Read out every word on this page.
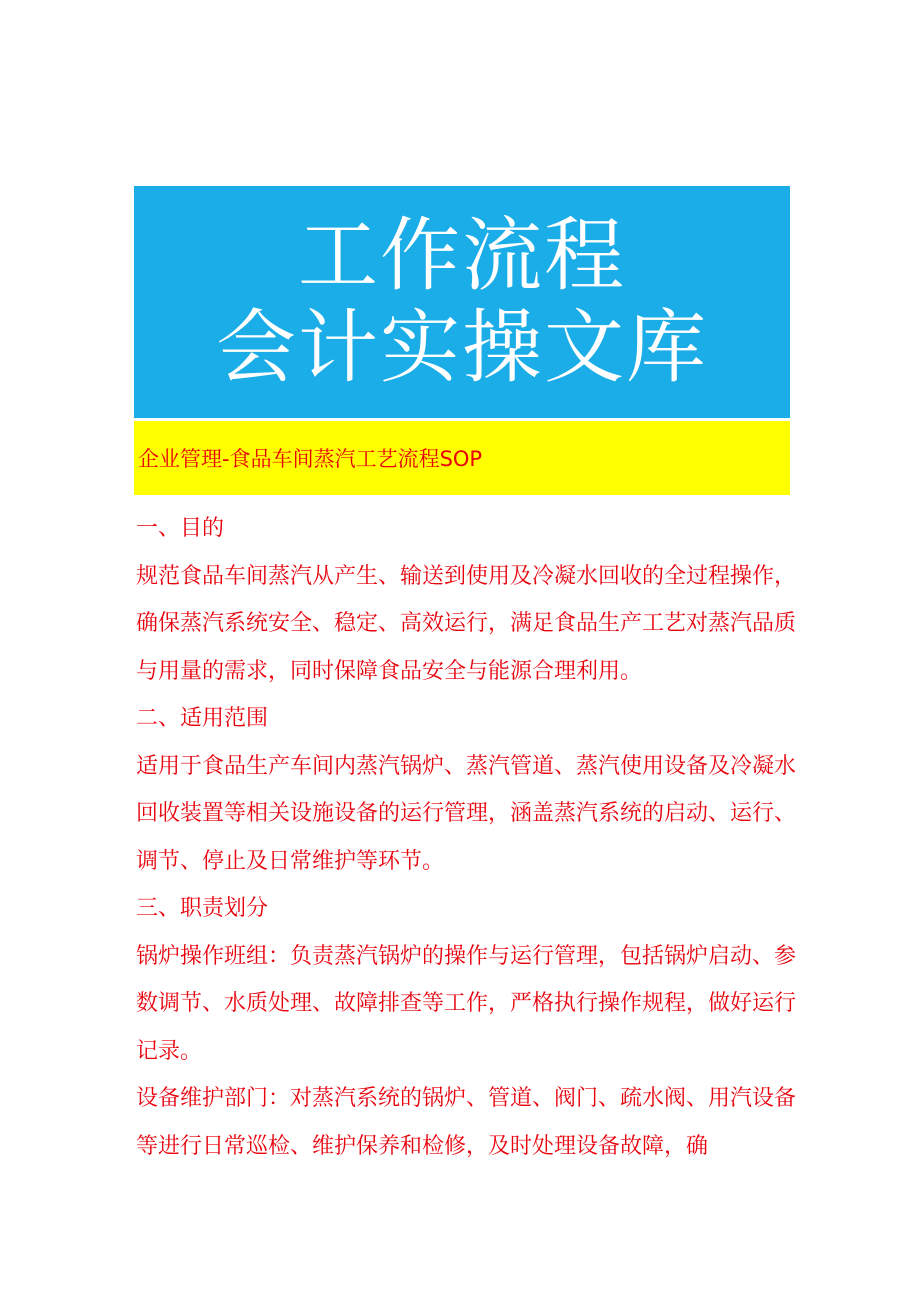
工作流程
会计实操文库
企业管理-食品车间蒸汽工艺流程SOP

一、目的

规范食品车间蒸汽从产生、输送到使用及冷凝水回收的全过程操作，确保蒸汽系统安全、稳定、高效运行，满足食品生产工艺对蒸汽品质与用量的需求，同时保障食品安全与能源合理利用。

二、适用范围

适用于食品生产车间内蒸汽锅炉、蒸汽管道、蒸汽使用设备及冷凝水回收装置等相关设施设备的运行管理，涵盖蒸汽系统的启动、运行、调节、停止及日常维护等环节。

三、职责划分

锅炉操作班组：负责蒸汽锅炉的操作与运行管理，包括锅炉启动、参数调节、水质处理、故障排查等工作，严格执行操作规程，做好运行记录。

设备维护部门：对蒸汽系统的锅炉、管道、阀门、疏水阀、用汽设备等进行日常巡检、维护保养和检修，及时处理设备故障，确
